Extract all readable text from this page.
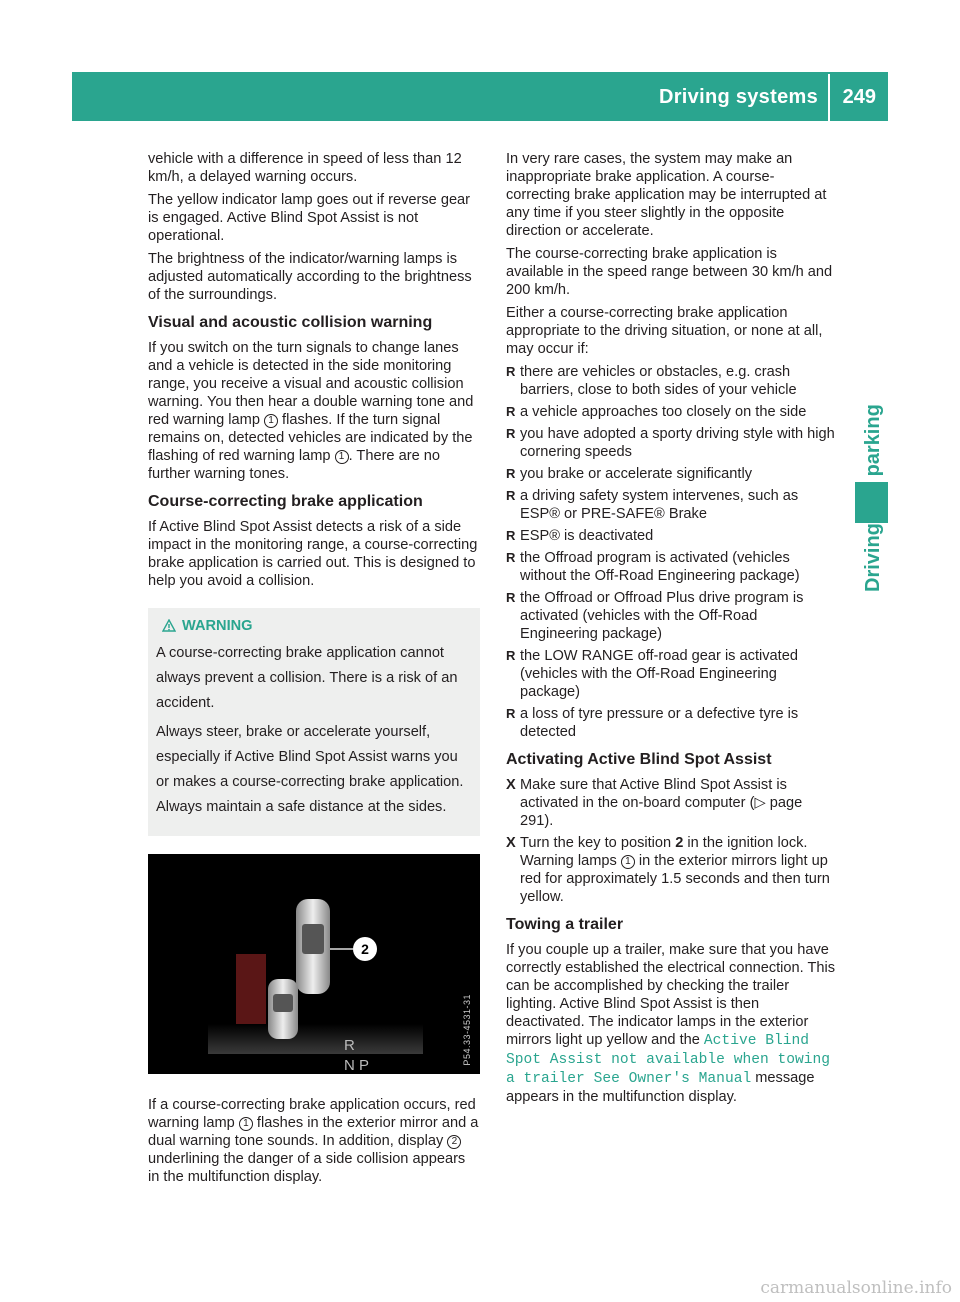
Driving systems 249

vehicle with a difference in speed of less than 12 km/h, a delayed warning occurs.

The yellow indicator lamp goes out if reverse gear is engaged. Active Blind Spot Assist is not operational.

The brightness of the indicator/warning lamps is adjusted automatically according to the brightness of the surroundings.

Visual and acoustic collision warning

If you switch on the turn signals to change lanes and a vehicle is detected in the side monitoring range, you receive a visual and acoustic collision warning. You then hear a double warning tone and red warning lamp 1 flashes. If the turn signal remains on, detected vehicles are indicated by the flashing of red warning lamp 1 . There are no further warning tones.

Course-correcting brake application

If Active Blind Spot Assist detects a risk of a side impact in the monitoring range, a course-correcting brake application is carried out. This is designed to help you avoid a collision.

WARNING

A course-correcting brake application cannot always prevent a collision. There is a risk of an accident.

Always steer, brake or accelerate yourself, especially if Active Blind Spot Assist warns you or makes a course-correcting brake application. Always maintain a safe distance at the sides.

2
R
N P	P54.33-4531-31

If a course-correcting brake application occurs, red warning lamp 1 flashes in the exterior mirror and a dual warning tone sounds. In addition, display 2 underlining the danger of a side collision appears in the multifunction display.

In very rare cases, the system may make an inappropriate brake application. A course-correcting brake application may be interrupted at any time if you steer slightly in the opposite direction or accelerate.

The course-correcting brake application is available in the speed range between 30 km/h and 200 km/h.

Either a course-correcting brake application appropriate to the driving situation, or none at all, may occur if:

R there are vehicles or obstacles, e.g. crash barriers, close to both sides of your vehicle
R a vehicle approaches too closely on the side
R you have adopted a sporty driving style with high cornering speeds
R you brake or accelerate significantly
R a driving safety system intervenes, such as ESP® or PRE-SAFE® Brake
R ESP® is deactivated
R the Offroad program is activated (vehicles without the Off-Road Engineering package)
R the Offroad or Offroad Plus drive program is activated (vehicles with the Off-Road Engineering package)
R the LOW RANGE off-road gear is activated (vehicles with the Off-Road Engineering package)
R a loss of tyre pressure or a defective tyre is detected
Activating Active Blind Spot Assist
X Make sure that Active Blind Spot Assist is activated in the on-board computer (▷ page 291).
X Turn the key to position 2 in the ignition lock. Warning lamps 1 in the exterior mirrors light up red for approximately 1.5 seconds and then turn yellow.
Towing a trailer

If you couple up a trailer, make sure that you have correctly established the electrical connection. This can be accomplished by checking the trailer lighting. Active Blind Spot Assist is then deactivated. The indicator lamps in the exterior mirrors light up yellow and the Active Blind Spot Assist not available when towing a trailer See Owner's Manual message appears in the multifunction display.

carmanualsonline.info
